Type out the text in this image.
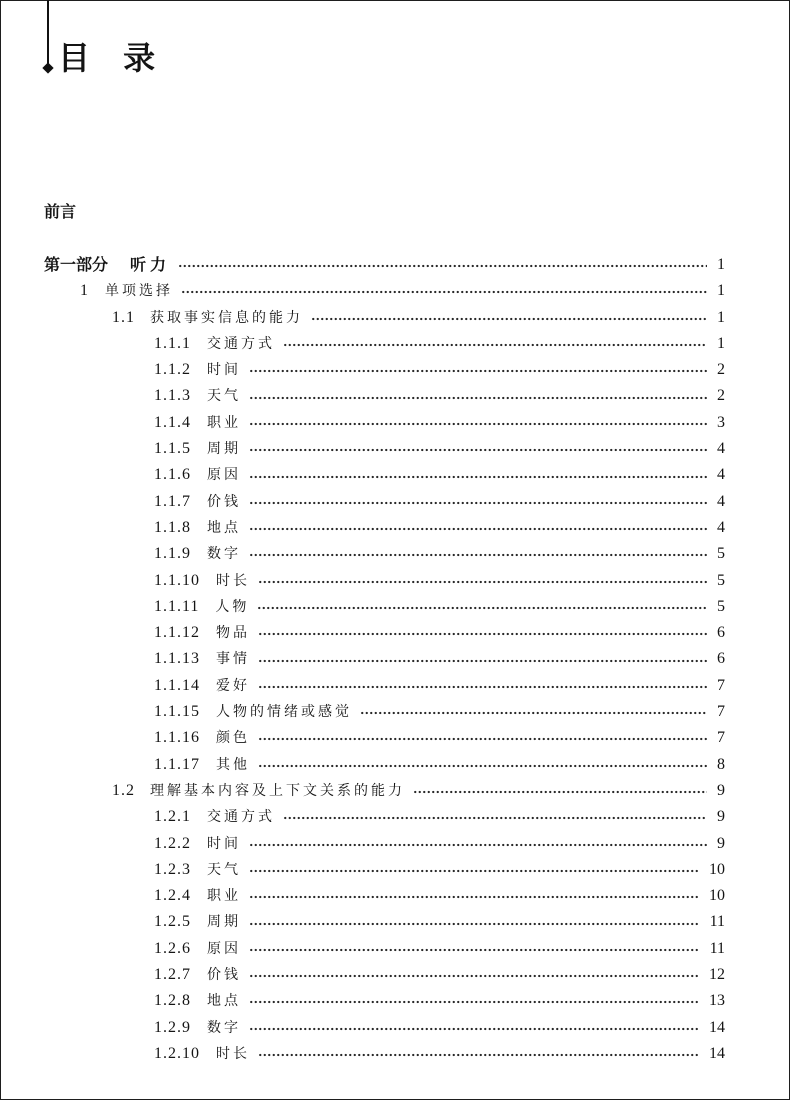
目 录
前言
第一部分 听力	1
1 单项选择	1
1.1 获取事实信息的能力	1
1.1.1 交通方式	1
1.1.2 时间	2
1.1.3 天气	2
1.1.4 职业	3
1.1.5 周期	4
1.1.6 原因	4
1.1.7 价钱	4
1.1.8 地点	4
1.1.9 数字	5
1.1.10 时长	5
1.1.11 人物	5
1.1.12 物品	6
1.1.13 事情	6
1.1.14 爱好	7
1.1.15 人物的情绪或感觉	7
1.1.16 颜色	7
1.1.17 其他	8
1.2 理解基本内容及上下文关系的能力	9
1.2.1 交通方式	9
1.2.2 时间	9
1.2.3 天气	10
1.2.4 职业	10
1.2.5 周期	11
1.2.6 原因	11
1.2.7 价钱	12
1.2.8 地点	13
1.2.9 数字	14
1.2.10 时长	14
